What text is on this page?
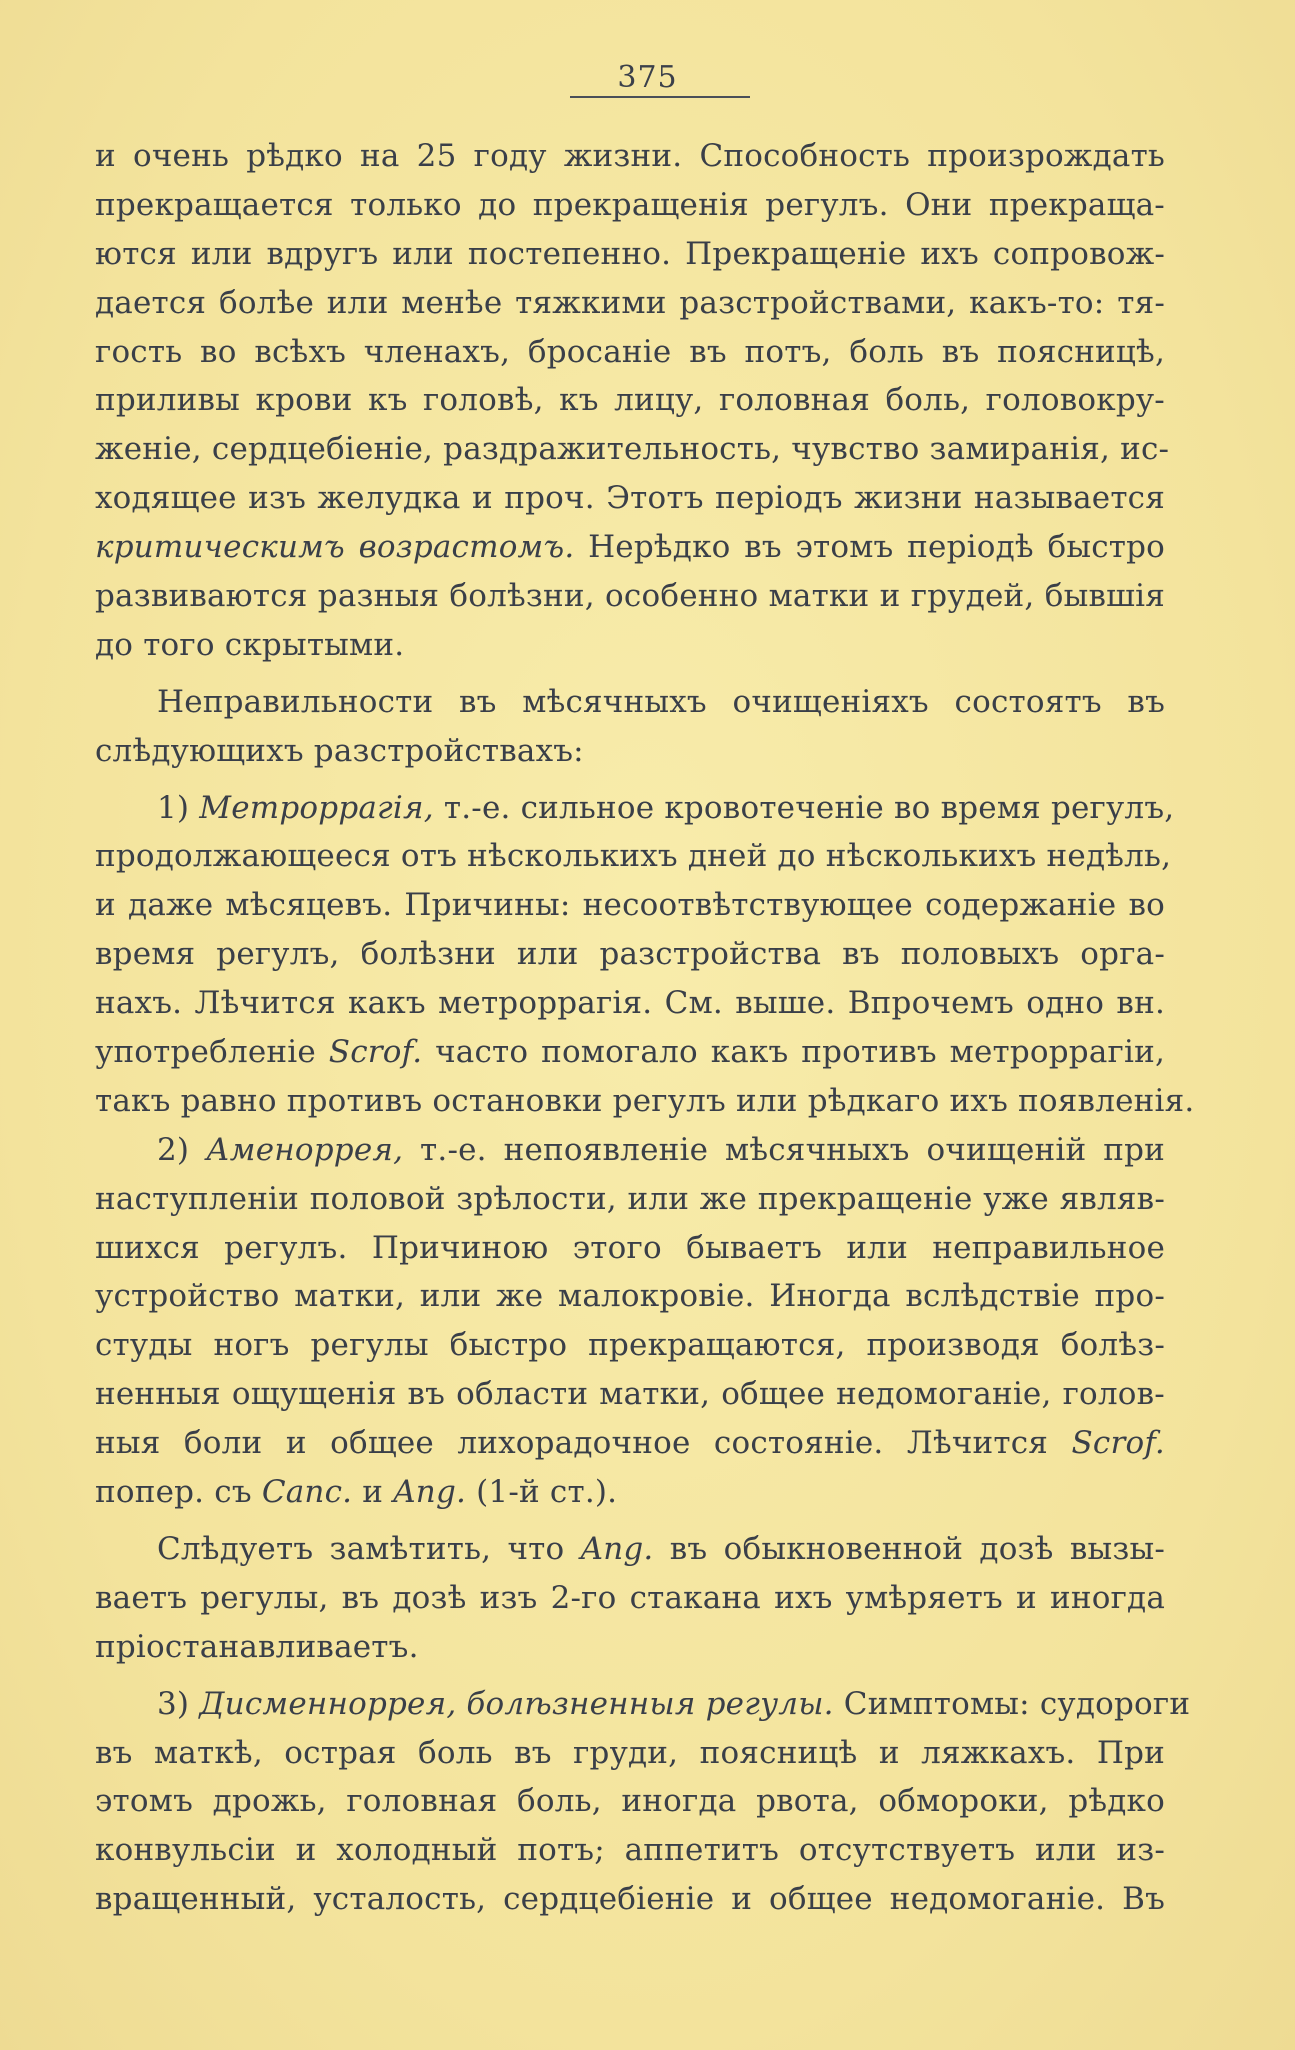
375
и очень рѣдко на 25 году жизни. Способность произрождать
прекращается только до прекращенія регулъ. Они прекраща-
ются или вдругъ или постепенно. Прекращеніе ихъ сопровож-
дается болѣе или менѣе тяжкими разстройствами, какъ-то: тя-
гость во всѣхъ членахъ, бросаніе въ потъ, боль въ поясницѣ,
приливы крови къ головѣ, къ лицу, головная боль, головокру-
женіе, сердцебіеніе, раздражительность, чувство замиранія, ис-
ходящее изъ желудка и проч. Этотъ періодъ жизни называется
критическимъ возрастомъ. Нерѣдко въ этомъ періодѣ быстро
развиваются разныя болѣзни, особенно матки и грудей, бывшія
до того скрытыми.
Неправильности въ мѣсячныхъ очищеніяхъ состоятъ въ
слѣдующихъ разстройствахъ:
1) Метроррагія, т.-е. сильное кровотеченіе во время регулъ,
продолжающееся отъ нѣсколькихъ дней до нѣсколькихъ недѣль,
и даже мѣсяцевъ. Причины: несоотвѣтствующее содержаніе во
время регулъ, болѣзни или разстройства въ половыхъ орга-
нахъ. Лѣчится какъ метроррагія. См. выше. Впрочемъ одно вн.
употребленіе Scrof. часто помогало какъ противъ метроррагіи,
такъ равно противъ остановки регулъ или рѣдкаго ихъ появленія.
2) Аменоррея, т.-е. непоявленіе мѣсячныхъ очищеній при
наступленіи половой зрѣлости, или же прекращеніе уже являв-
шихся регулъ. Причиною этого бываетъ или неправильное
устройство матки, или же малокровіе. Иногда вслѣдствіе про-
студы ногъ регулы быстро прекращаются, производя болѣз-
ненныя ощущенія въ области матки, общее недомоганіе, голов-
ныя боли и общее лихорадочное состояніе. Лѣчится Scrof.
попер. съ Canc. и Ang. (1-й ст.).
Слѣдуетъ замѣтить, что Ang. въ обыкновенной дозѣ вызы-
ваетъ регулы, въ дозѣ изъ 2-го стакана ихъ умѣряетъ и иногда
пріостанавливаетъ.
3) Дисменноррея, болѣзненныя регулы. Симптомы: судороги
въ маткѣ, острая боль въ груди, поясницѣ и ляжкахъ. При
этомъ дрожь, головная боль, иногда рвота, обмороки, рѣдко
конвульсіи и холодный потъ; аппетитъ отсутствуетъ или из-
вращенный, усталость, сердцебіеніе и общее недомоганіе. Въ
